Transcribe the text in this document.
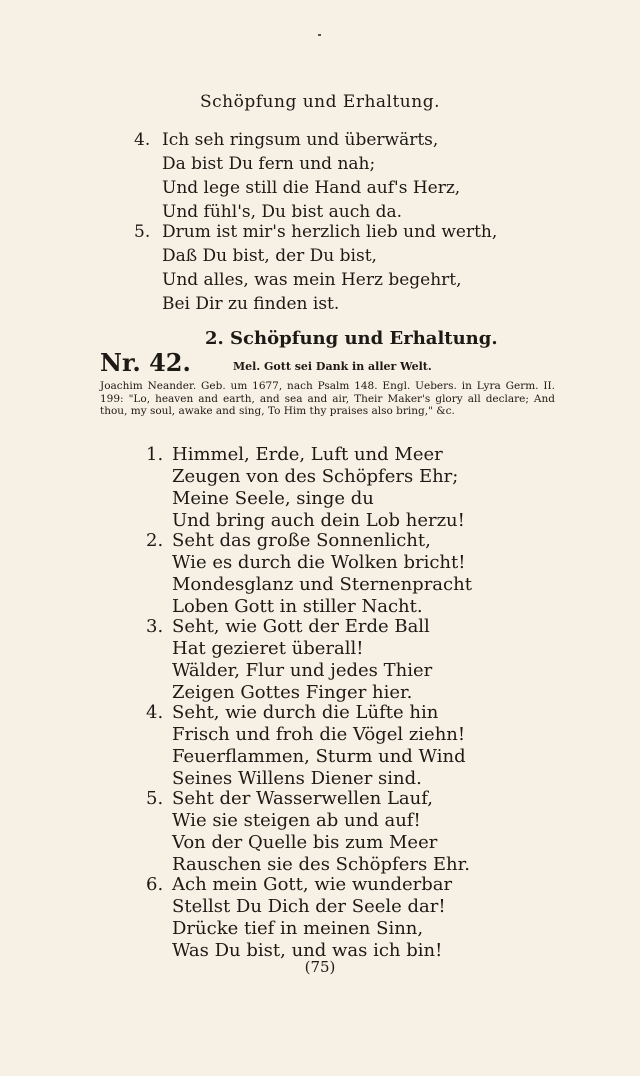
Schöpfung und Erhaltung.
4. Ich seh ringsum und überwärts,
Da bist Du fern und nah;
Und lege still die Hand auf's Herz,
Und fühl's, Du bist auch da.
5. Drum ist mir's herzlich lieb und werth,
Daß Du bist, der Du bist,
Und alles, was mein Herz begehrt,
Bei Dir zu finden ist.
2. Schöpfung und Erhaltung.
Nr. 42.	Mel. Gott sei Dank in aller Welt.
Joachim Neander. Geb. um 1677, nach Psalm 148. Engl. Uebers. in Lyra Germ. II. 199: "Lo, heaven and earth, and sea and air, Their Maker's glory all declare; And thou, my soul, awake and sing, To Him thy praises also bring," &c.
1. Himmel, Erde, Luft und Meer
Zeugen von des Schöpfers Ehr;
Meine Seele, singe du
Und bring auch dein Lob herzu!
2. Seht das große Sonnenlicht,
Wie es durch die Wolken bricht!
Mondesglanz und Sternenpracht
Loben Gott in stiller Nacht.
3. Seht, wie Gott der Erde Ball
Hat gezieret überall!
Wälder, Flur und jedes Thier
Zeigen Gottes Finger hier.
4. Seht, wie durch die Lüfte hin
Frisch und froh die Vögel ziehn!
Feuerflammen, Sturm und Wind
Seines Willens Diener sind.
5. Seht der Wasserwellen Lauf,
Wie sie steigen ab und auf!
Von der Quelle bis zum Meer
Rauschen sie des Schöpfers Ehr.
6. Ach mein Gott, wie wunderbar
Stellst Du Dich der Seele dar!
Drücke tief in meinen Sinn,
Was Du bist, und was ich bin!
(75)
